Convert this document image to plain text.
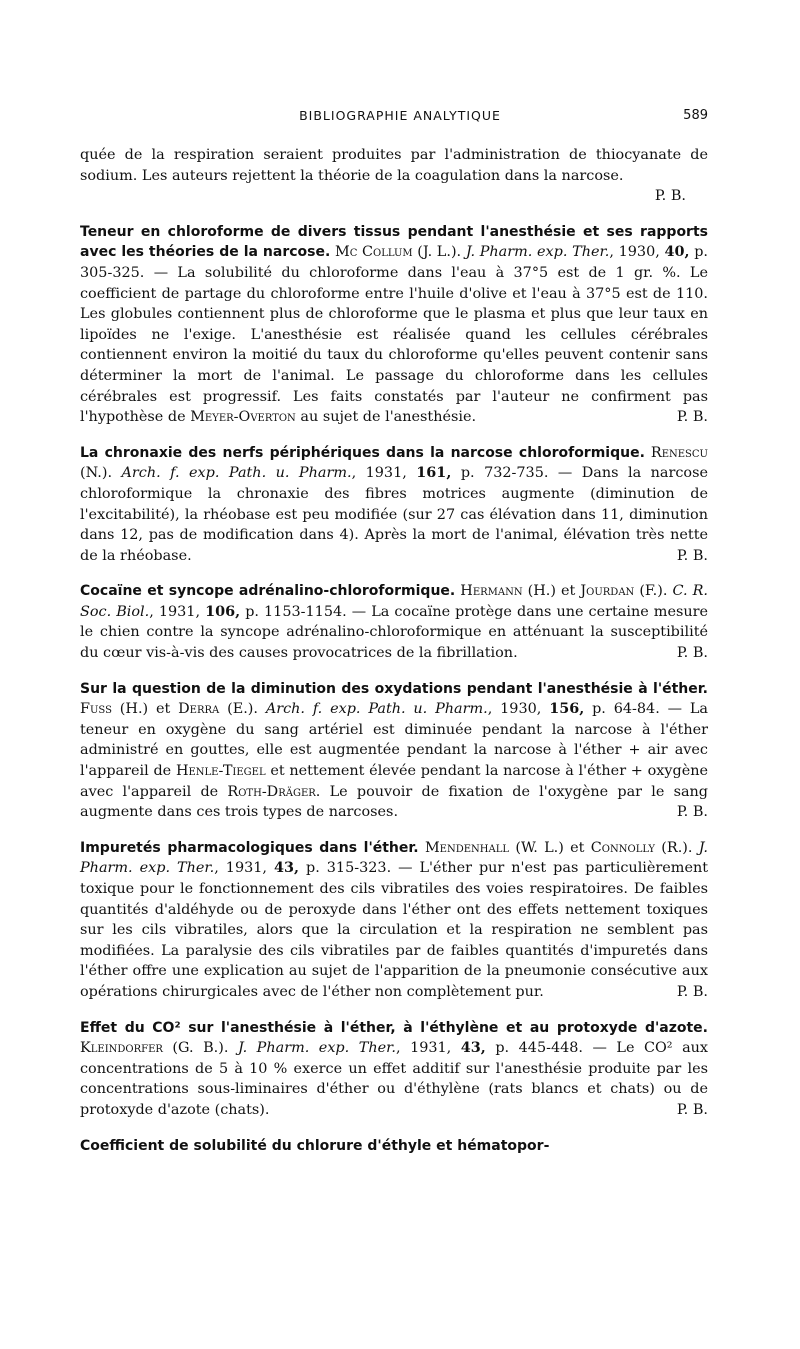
BIBLIOGRAPHIE ANALYTIQUE	589

quée de la respiration seraient produites par l'administration de thiocyanate de sodium. Les auteurs rejettent la théorie de la coagulation dans la narcose.

P. B.

Teneur en chloroforme de divers tissus pendant l'anesthésie et ses rapports avec les théories de la narcose. Mc Collum (J. L.). J. Pharm. exp. Ther., 1930, 40, p. 305-325. — La solubilité du chloroforme dans l'eau à 37°5 est de 1 gr. %. Le coefficient de partage du chloroforme entre l'huile d'olive et l'eau à 37°5 est de 110. Les globules contiennent plus de chloroforme que le plasma et plus que leur taux en lipoïdes ne l'exige. L'anesthésie est réalisée quand les cellules cérébrales contiennent environ la moitié du taux du chloroforme qu'elles peuvent contenir sans déterminer la mort de l'animal. Le passage du chloroforme dans les cellules cérébrales est progressif. Les faits constatés par l'auteur ne confirment pas l'hypothèse de Meyer-Overton au sujet de l'anesthésie.	P. B.

La chronaxie des nerfs périphériques dans la narcose chloroformique. Renescu (N.). Arch. f. exp. Path. u. Pharm., 1931, 161, p. 732-735. — Dans la narcose chloroformique la chronaxie des fibres motrices augmente (diminution de l'excitabilité), la rhéobase est peu modifiée (sur 27 cas élévation dans 11, diminution dans 12, pas de modification dans 4). Après la mort de l'animal, élévation très nette de la rhéobase.	P. B.

Cocaïne et syncope adrénalino-chloroformique. Hermann (H.) et Jourdan (F.). C. R. Soc. Biol., 1931, 106, p. 1153-1154. — La cocaïne protège dans une certaine mesure le chien contre la syncope adrénalino-chloroformique en atténuant la susceptibilité du cœur vis-à-vis des causes provocatrices de la fibrillation.	P. B.

Sur la question de la diminution des oxydations pendant l'anesthésie à l'éther. Fuss (H.) et Derra (E.). Arch. f. exp. Path. u. Pharm., 1930, 156, p. 64-84. — La teneur en oxygène du sang artériel est diminuée pendant la narcose à l'éther administré en gouttes, elle est augmentée pendant la narcose à l'éther + air avec l'appareil de Henle-Tiegel et nettement élevée pendant la narcose à l'éther + oxygène avec l'appareil de Roth-Dräger. Le pouvoir de fixation de l'oxygène par le sang augmente dans ces trois types de narcoses.	P. B.

Impuretés pharmacologiques dans l'éther. Mendenhall (W. L.) et Connolly (R.). J. Pharm. exp. Ther., 1931, 43, p. 315-323. — L'éther pur n'est pas particulièrement toxique pour le fonctionnement des cils vibratiles des voies respiratoires. De faibles quantités d'aldéhyde ou de peroxyde dans l'éther ont des effets nettement toxiques sur les cils vibratiles, alors que la circulation et la respiration ne semblent pas modifiées. La paralysie des cils vibratiles par de faibles quantités d'impuretés dans l'éther offre une explication au sujet de l'apparition de la pneumonie consécutive aux opérations chirurgicales avec de l'éther non complètement pur.	P. B.

Effet du CO² sur l'anesthésie à l'éther, à l'éthylène et au protoxyde d'azote. Kleindorfer (G. B.). J. Pharm. exp. Ther., 1931, 43, p. 445-448. — Le CO² aux concentrations de 5 à 10 % exerce un effet additif sur l'anesthésie produite par les concentrations sous-liminaires d'éther ou d'éthylène (rats blancs et chats) ou de protoxyde d'azote (chats).	P. B.

Coefficient de solubilité du chlorure d'éthyle et hématopor-
